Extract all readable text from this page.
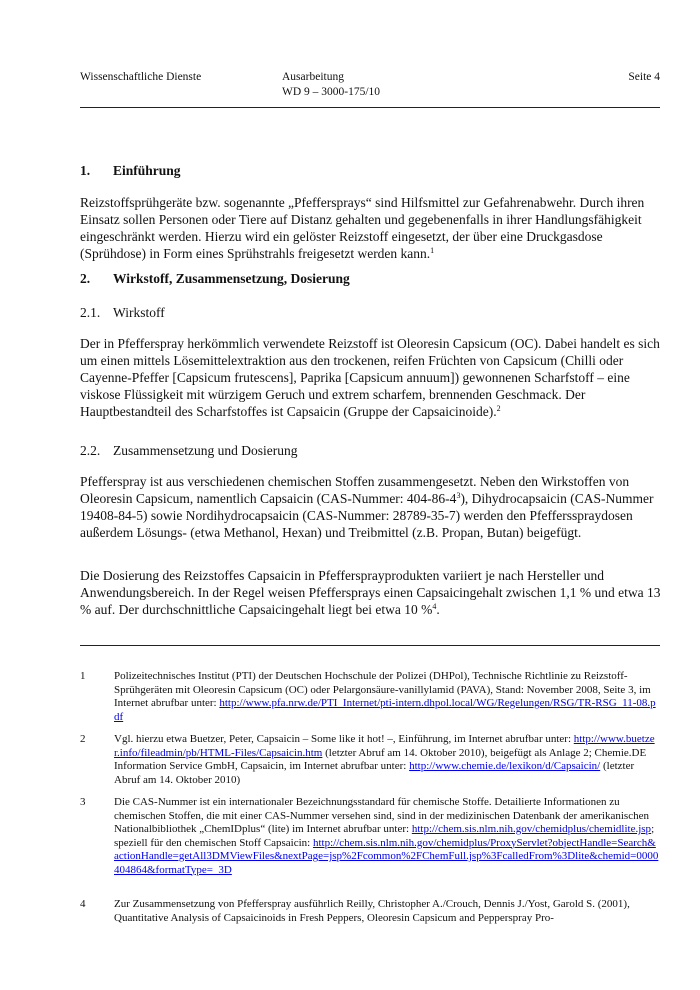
Wissenschaftliche Dienste	Ausarbeitung
WD 9 – 3000-175/10
Seite 4
1. Einführung

Reizstoffsprühgeräte bzw. sogenannte „Pfeffersprays“ sind Hilfsmittel zur Gefahrenabwehr. Durch ihren Einsatz sollen Personen oder Tiere auf Distanz gehalten und gegebenenfalls in ihrer Handlungsfähigkeit eingeschränkt werden. Hierzu wird ein gelöster Reizstoff eingesetzt, der über eine Druckgasdose (Sprühdose) in Form eines Sprühstrahls freigesetzt werden kann.$^1$

2. Wirkstoff, Zusammensetzung, Dosierung
2.1. Wirkstoff

Der in Pfefferspray herkömmlich verwendete Reizstoff ist Oleoresin Capsicum (OC). Dabei handelt es sich um einen mittels Lösemittelextraktion aus den trockenen, reifen Früchten von Capsicum (Chilli oder Cayenne-Pfeffer [Capsicum frutescens], Paprika [Capsicum annuum]) gewonnenen Scharfstoff – eine viskose Flüssigkeit mit würzigem Geruch und extrem scharfem, brennenden Geschmack. Der Hauptbestandteil des Scharfstoffes ist Capsaicin (Gruppe der Capsaicinoide).$^2$

2.2. Zusammensetzung und Dosierung

Pfefferspray ist aus verschiedenen chemischen Stoffen zusammengesetzt. Neben den Wirkstoffen von Oleoresin Capsicum, namentlich Capsaicin (CAS-Nummer: $404-86-4^3$), Dihydrocapsaicin (CAS-Nummer 19408-84-5) sowie Nordihydrocapsaicin (CAS-Nummer: 28789-35-7) werden den Pfeffersspraydosen außerdem Lösungs- (etwa Methanol, Hexan) und Treibmittel (z.B. Propan, Butan) beigefügt.

Die Dosierung des Reizstoffes Capsaicin in Pfeffersprayprodukten variiert je nach Hersteller und Anwendungsbereich. In der Regel weisen Pfeffersprays einen Capsaicingehalt zwischen 1,1 % und etwa 13 % auf. Der durchschnittliche Capsaicingehalt liegt bei etwa 10 %$^4$.

1	Polizeitechnisches Institut (PTI) der Deutschen Hochschule der Polizei (DHPol), Technische Richtlinie zu Reizstoff-Sprühgeräten mit Oleoresin Capsicum (OC) oder Pelargonsäure-vanillylamid (PAVA), Stand: November 2008, Seite 3, im Internet abrufbar unter: http://www.pfa.nrw.de/PTI_Internet/pti-intern.dhpol.local/WG/Regelungen/RSG/TR-RSG_11-08.pdf
2	Vgl. hierzu etwa Buetzer, Peter, Capsaicin – Some like it hot! –, Einführung, im Internet abrufbar unter: http://www.buetzer.info/fileadmin/pb/HTML-Files/Capsaicin.htm (letzter Abruf am 14. Oktober 2010), beigefügt als Anlage 2; Chemie.DE Information Service GmbH, Capsaicin, im Internet abrufbar unter: http://www.chemie.de/lexikon/d/Capsaicin/ (letzter Abruf am 14. Oktober 2010)
3	Die CAS-Nummer ist ein internationaler Bezeichnungsstandard für chemische Stoffe. Detailierte Informationen zu chemischen Stoffen, die mit einer CAS-Nummer versehen sind, sind in der medizinischen Datenbank der amerikanischen Nationalbibliothek „ChemIDplus“ (lite) im Internet abrufbar unter: http://chem.sis.nlm.nih.gov/chemidplus/chemidlite.jsp; speziell für den chemischen Stoff Capsaicin: http://chem.sis.nlm.nih.gov/chemidplus/ProxyServlet?objectHandle=Search&actionHandle=getAll3DMViewFiles&nextPage=jsp%2Fcommon%2FChemFull.jsp%3FcalledFrom%3Dlite&chemid=0000404864&formatType=_3D
4	Zur Zusammensetzung von Pfefferspray ausführlich Reilly, Christopher A./Crouch, Dennis J./Yost, Garold S. (2001), Quantitative Analysis of Capsaicinoids in Fresh Peppers, Oleoresin Capsicum and Pepperspray Pro-
